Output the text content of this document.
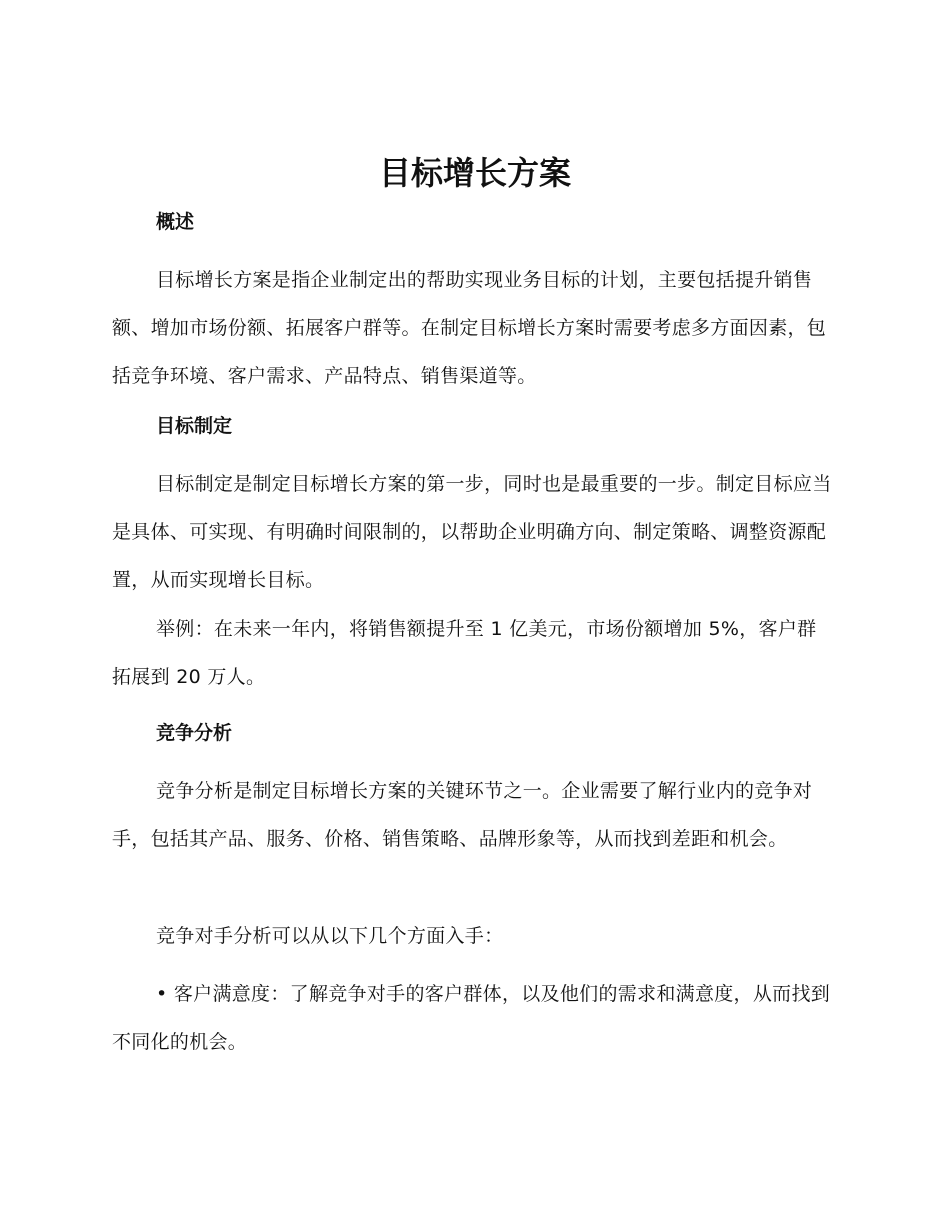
目标增长方案
概述

目标增长方案是指企业制定出的帮助实现业务目标的计划，主要包括提升销售额、增加市场份额、拓展客户群等。在制定目标增长方案时需要考虑多方面因素，包括竞争环境、客户需求、产品特点、销售渠道等。

目标制定

目标制定是制定目标增长方案的第一步，同时也是最重要的一步。制定目标应当是具体、可实现、有明确时间限制的，以帮助企业明确方向、制定策略、调整资源配置，从而实现增长目标。

举例：在未来一年内，将销售额提升至 1 亿美元，市场份额增加 5%，客户群拓展到 20 万人。

竞争分析

竞争分析是制定目标增长方案的关键环节之一。企业需要了解行业内的竞争对手，包括其产品、服务、价格、销售策略、品牌形象等，从而找到差距和机会。

竞争对手分析可以从以下几个方面入手：

• 客户满意度：了解竞争对手的客户群体，以及他们的需求和满意度，从而找到不同化的机会。
